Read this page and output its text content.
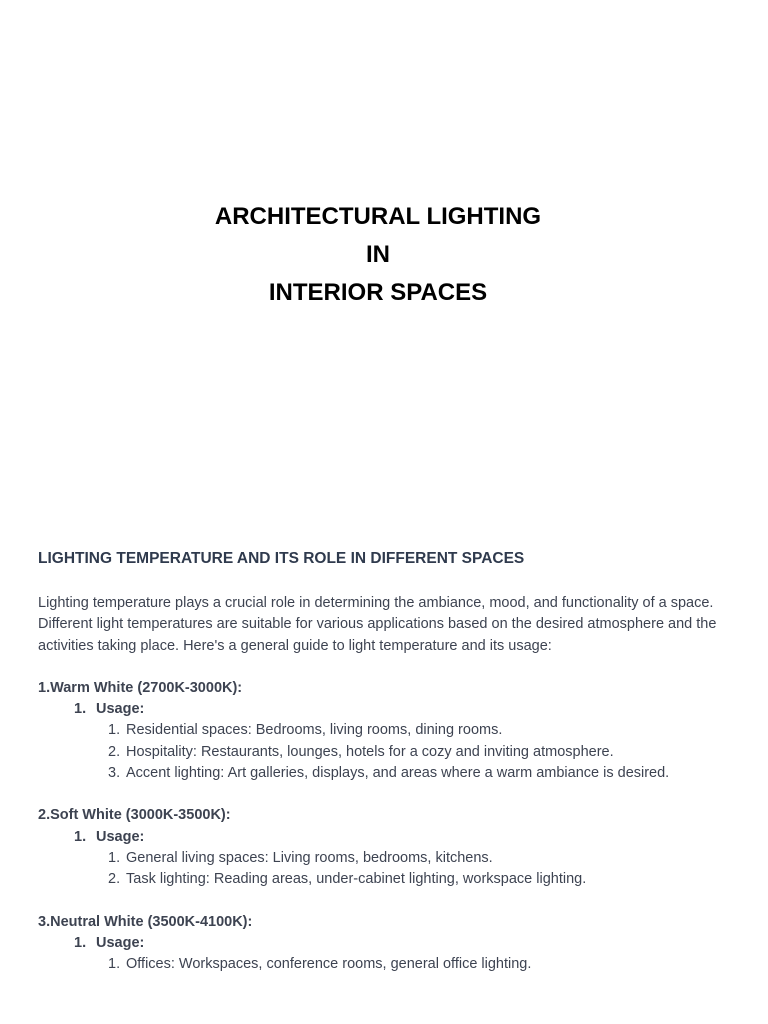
ARCHITECTURAL LIGHTING
IN
INTERIOR SPACES
LIGHTING TEMPERATURE AND ITS ROLE IN DIFFERENT SPACES
Lighting temperature plays a crucial role in determining the ambiance, mood, and functionality of a space. Different light temperatures are suitable for various applications based on the desired atmosphere and the activities taking place. Here's a general guide to light temperature and its usage:
1.Warm White (2700K-3000K):
1. Usage:
1. Residential spaces: Bedrooms, living rooms, dining rooms.
2. Hospitality: Restaurants, lounges, hotels for a cozy and inviting atmosphere.
3. Accent lighting: Art galleries, displays, and areas where a warm ambiance is desired.
2.Soft White (3000K-3500K):
1. Usage:
1. General living spaces: Living rooms, bedrooms, kitchens.
2. Task lighting: Reading areas, under-cabinet lighting, workspace lighting.
3.Neutral White (3500K-4100K):
1. Usage:
1. Offices: Workspaces, conference rooms, general office lighting.
